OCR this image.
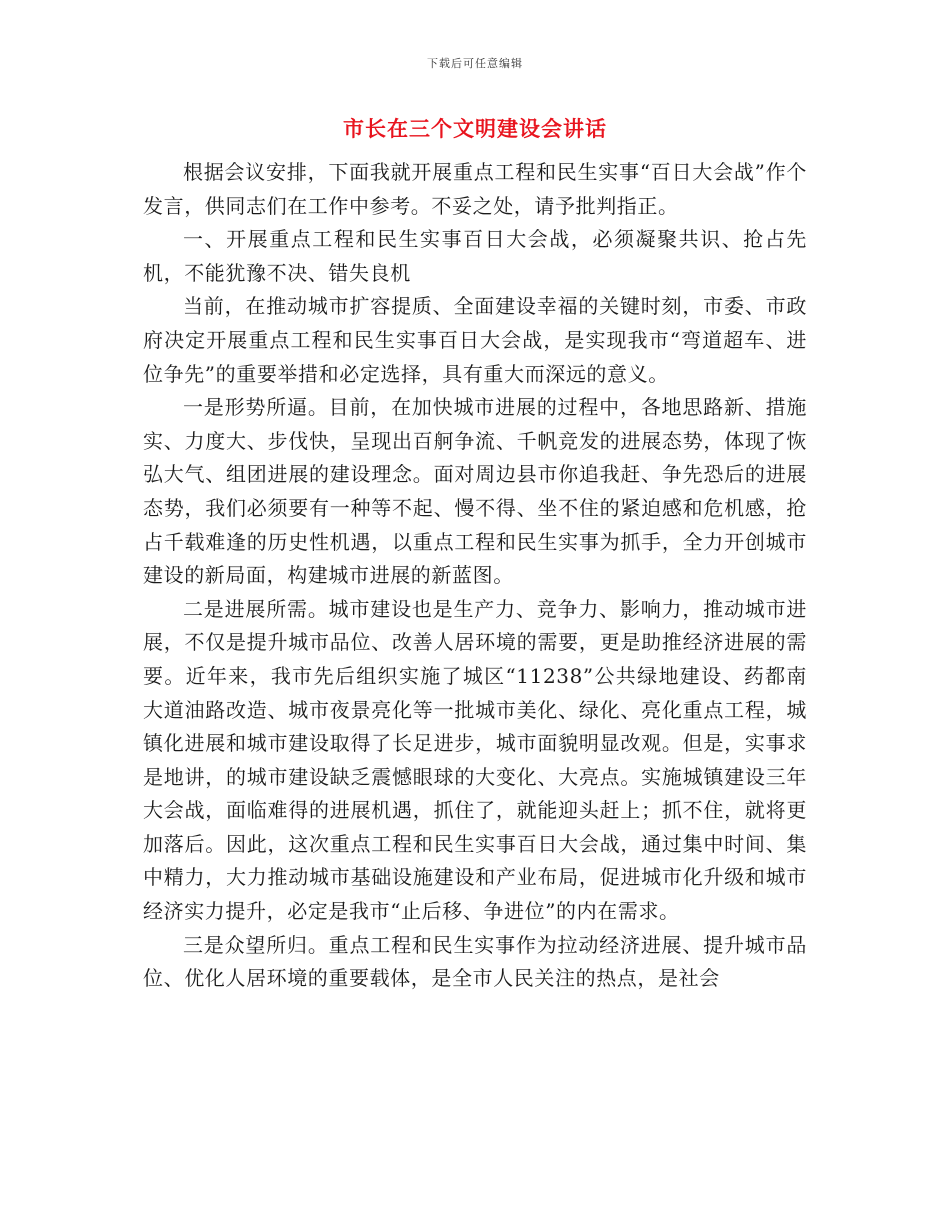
下载后可任意编辑
市长在三个文明建设会讲话

根据会议安排，下面我就开展重点工程和民生实事“百日大会战”作个发言，供同志们在工作中参考。不妥之处，请予批判指正。

一、开展重点工程和民生实事百日大会战，必须凝聚共识、抢占先机，不能犹豫不决、错失良机

当前，在推动城市扩容提质、全面建设幸福的关键时刻，市委、市政府决定开展重点工程和民生实事百日大会战，是实现我市“弯道超车、进位争先”的重要举措和必定选择，具有重大而深远的意义。

一是形势所逼。目前，在加快城市进展的过程中，各地思路新、措施实、力度大、步伐快，呈现出百舸争流、千帆竞发的进展态势，体现了恢弘大气、组团进展的建设理念。面对周边县市你追我赶、争先恐后的进展态势，我们必须要有一种等不起、慢不得、坐不住的紧迫感和危机感，抢占千载难逢的历史性机遇，以重点工程和民生实事为抓手，全力开创城市建设的新局面，构建城市进展的新蓝图。

二是进展所需。城市建设也是生产力、竞争力、影响力，推动城市进展，不仅是提升城市品位、改善人居环境的需要，更是助推经济进展的需要。近年来，我市先后组织实施了城区“11238”公共绿地建设、药都南大道油路改造、城市夜景亮化等一批城市美化、绿化、亮化重点工程，城镇化进展和城市建设取得了长足进步，城市面貌明显改观。但是，实事求是地讲，的城市建设缺乏震憾眼球的大变化、大亮点。实施城镇建设三年大会战，面临难得的进展机遇，抓住了，就能迎头赶上；抓不住，就将更加落后。因此，这次重点工程和民生实事百日大会战，通过集中时间、集中精力，大力推动城市基础设施建设和产业布局，促进城市化升级和城市经济实力提升，必定是我市“止后移、争进位”的内在需求。

三是众望所归。重点工程和民生实事作为拉动经济进展、提升城市品位、优化人居环境的重要载体，是全市人民关注的热点，是社会
